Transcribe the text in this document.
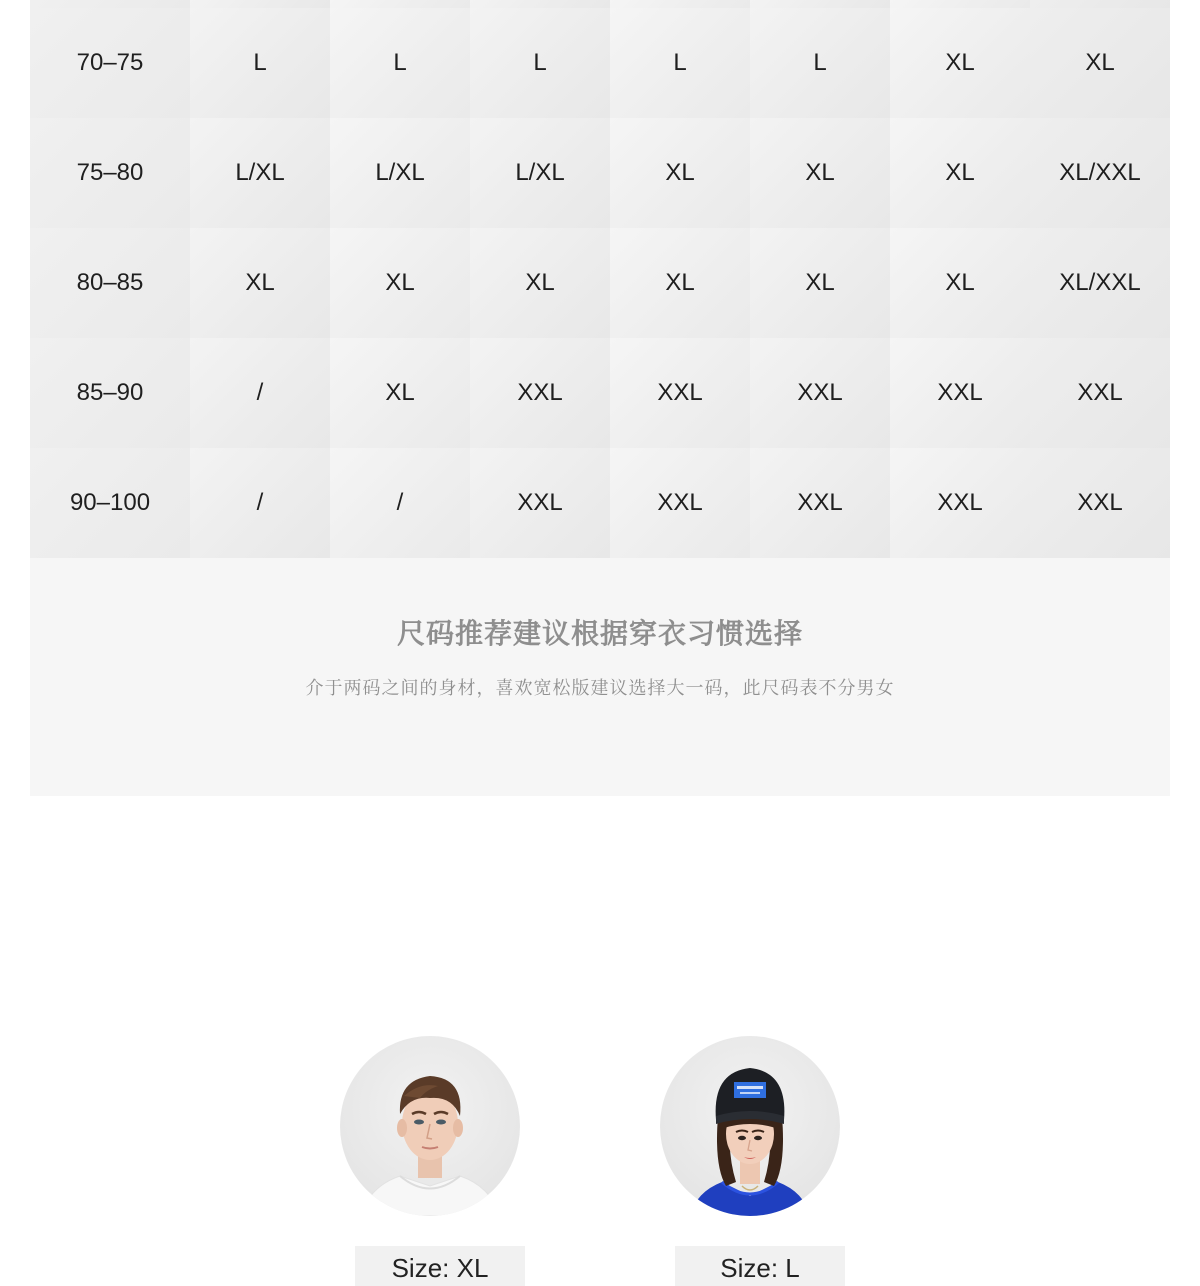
70–75	L	L	L	L	L	XL	XL
75–80	L/XL	L/XL	L/XL	XL	XL	XL	XL/XXL
80–85	XL	XL	XL	XL	XL	XL	XL/XXL
85–90	/	XL	XXL	XXL	XXL	XXL	XXL
90–100	/	/	XXL	XXL	XXL	XXL	XXL
尺码推荐建议根据穿衣习惯选择
介于两码之间的身材，喜欢宽松版建议选择大一码，此尺码表不分男女
Size: XL	Size: L
